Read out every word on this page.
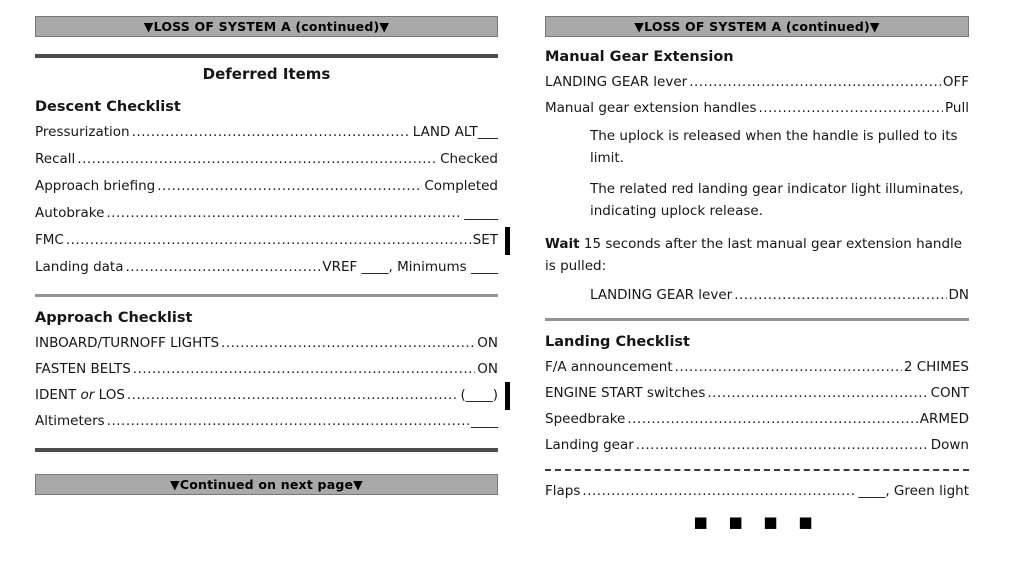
▼LOSS OF SYSTEM A (continued)▼
Deferred Items
Descent Checklist
Pressurization .....	LAND ALT___
Recall .....	Checked
Approach briefing .....	Completed
Autobrake .....	_____
FMC .....	SET
Landing data .....	VREF ____, Minimums ____
Approach Checklist
INBOARD/TURNOFF LIGHTS .....	ON
FASTEN BELTS .....	ON
IDENT or LOS .....	(____)
Altimeters .....	____
▼Continued on next page▼
▼LOSS OF SYSTEM A (continued)▼
Manual Gear Extension
LANDING GEAR lever .....	OFF
Manual gear extension handles .....	Pull
The uplock is released when the handle is pulled to its limit.
The related red landing gear indicator light illuminates, indicating uplock release.
Wait 15 seconds after the last manual gear extension handle is pulled:
LANDING GEAR lever .....	DN
Landing Checklist
F/A announcement .....	2 CHIMES
ENGINE START switches .....	CONT
Speedbrake .....	ARMED
Landing gear .....	Down
Flaps .....	____, Green light
■ ■ ■ ■
